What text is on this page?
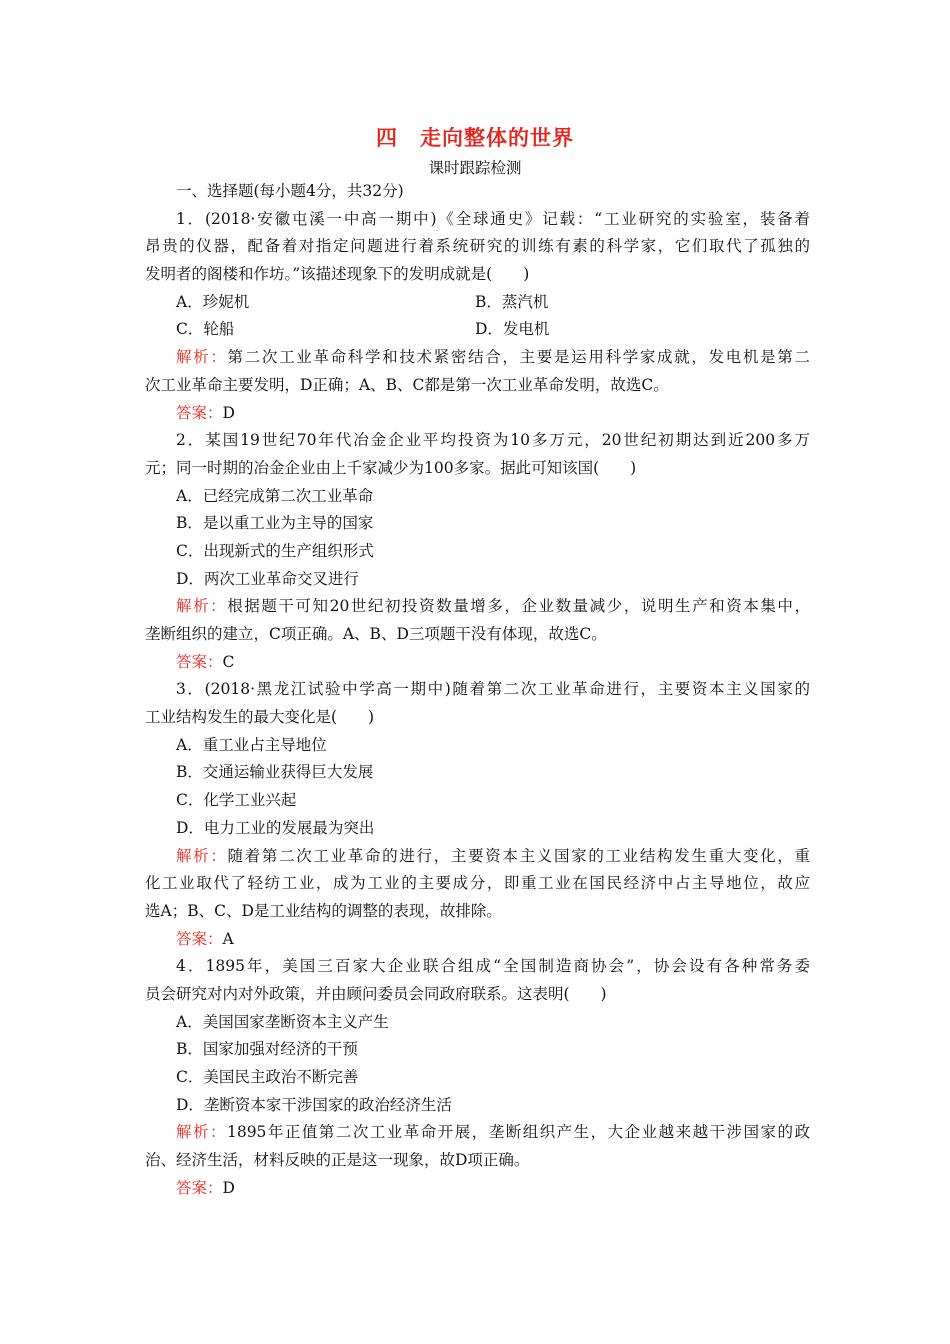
四 走向整体的世界
课时跟踪检测
一、选择题(每小题4分，共32分)
1．(2018·安徽屯溪一中高一期中)《全球通史》记载：“工业研究的实验室，装备着
昂贵的仪器，配备着对指定问题进行着系统研究的训练有素的科学家，它们取代了孤独的
发明者的阁楼和作坊。”该描述现象下的发明成就是(　　)
A．珍妮机	B．蒸汽机
C．轮船	D．发电机
解析：第二次工业革命科学和技术紧密结合，主要是运用科学家成就，发电机是第二
次工业革命主要发明，D正确；A、B、C都是第一次工业革命发明，故选C。
答案：D
2．某国19世纪70年代冶金企业平均投资为10多万元，20世纪初期达到近200多万
元；同一时期的冶金企业由上千家减少为100多家。据此可知该国(　　)
A．已经完成第二次工业革命
B．是以重工业为主导的国家
C．出现新式的生产组织形式
D．两次工业革命交叉进行
解析：根据题干可知20世纪初投资数量增多，企业数量减少，说明生产和资本集中，
垄断组织的建立，C项正确。A、B、D三项题干没有体现，故选C。
答案：C
3．(2018·黑龙江试验中学高一期中)随着第二次工业革命进行，主要资本主义国家的
工业结构发生的最大变化是(　　)
A．重工业占主导地位
B．交通运输业获得巨大发展
C．化学工业兴起
D．电力工业的发展最为突出
解析：随着第二次工业革命的进行，主要资本主义国家的工业结构发生重大变化，重
化工业取代了轻纺工业，成为工业的主要成分，即重工业在国民经济中占主导地位，故应
选A；B、C、D是工业结构的调整的表现，故排除。
答案：A
4．1895年，美国三百家大企业联合组成“全国制造商协会”，协会设有各种常务委
员会研究对内对外政策，并由顾问委员会同政府联系。这表明(　　)
A．美国国家垄断资本主义产生
B．国家加强对经济的干预
C．美国民主政治不断完善
D．垄断资本家干涉国家的政治经济生活
解析：1895年正值第二次工业革命开展，垄断组织产生，大企业越来越干涉国家的政
治、经济生活，材料反映的正是这一现象，故D项正确。
答案：D
